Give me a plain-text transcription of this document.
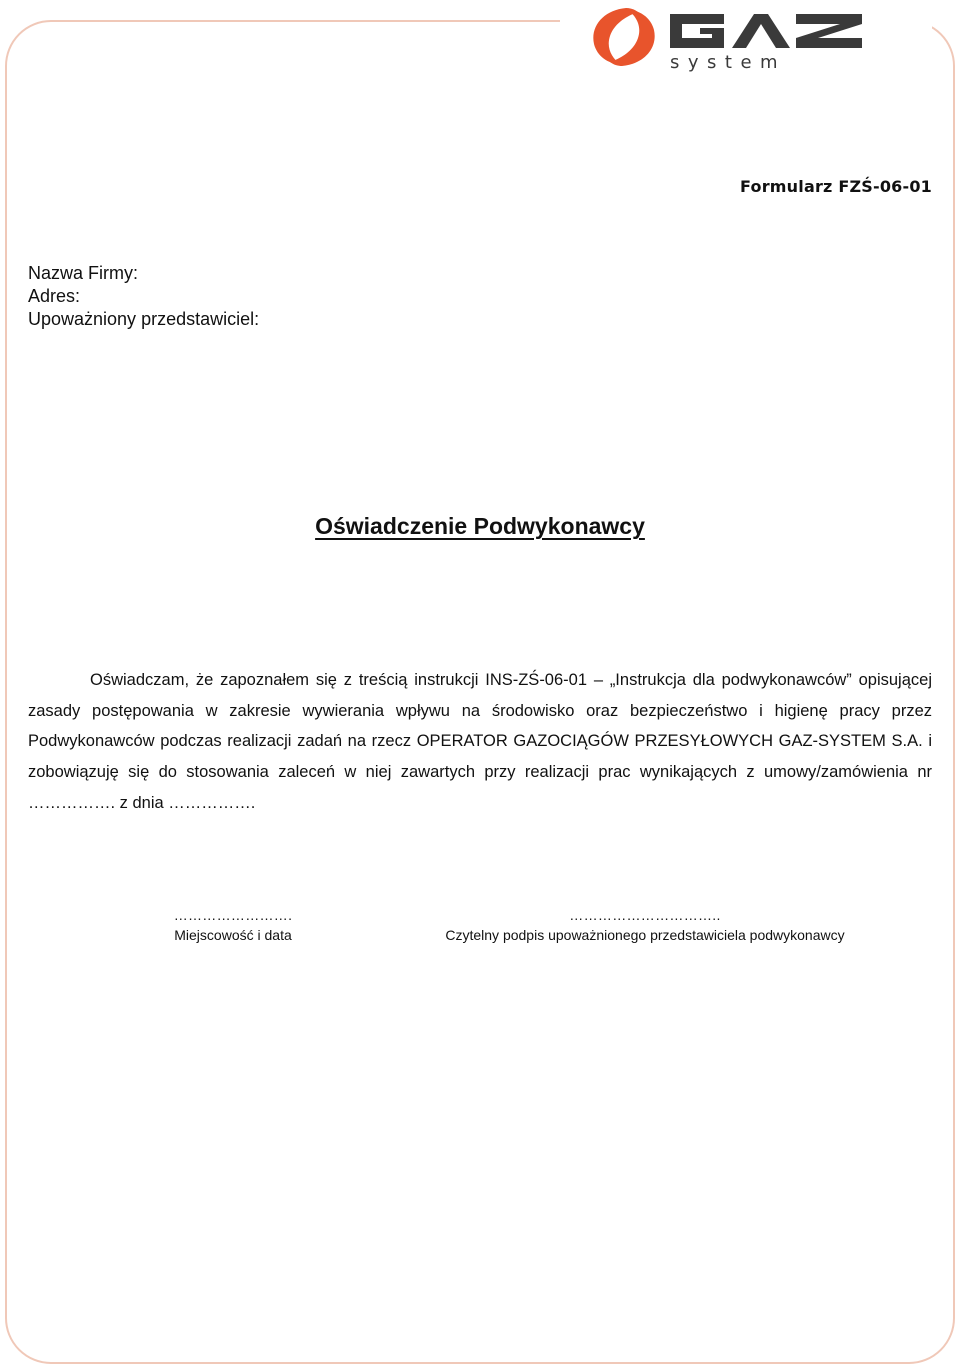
system
Formularz FZŚ-06-01
Nazwa Firmy:
Adres:
Upoważniony przedstawiciel:
Oświadczenie Podwykonawcy

Oświadczam, że zapoznałem się z treścią instrukcji INS-ZŚ-06-01 – „Instrukcja dla podwykonawców” opisującej zasady postępowania w zakresie wywierania wpływu na środowisko oraz bezpieczeństwo i higienę pracy przez Podwykonawców podczas realizacji zadań na rzecz OPERATOR GAZOCIĄGÓW PRZESYŁOWYCH GAZ-SYSTEM S.A. i zobowiązuję się do stosowania zaleceń w niej zawartych przy realizacji prac wynikających z umowy/zamówienia nr ……………. z dnia …………….

…………………….
Miejscowość i data
…………………………..
Czytelny podpis upoważnionego przedstawiciela podwykonawcy
